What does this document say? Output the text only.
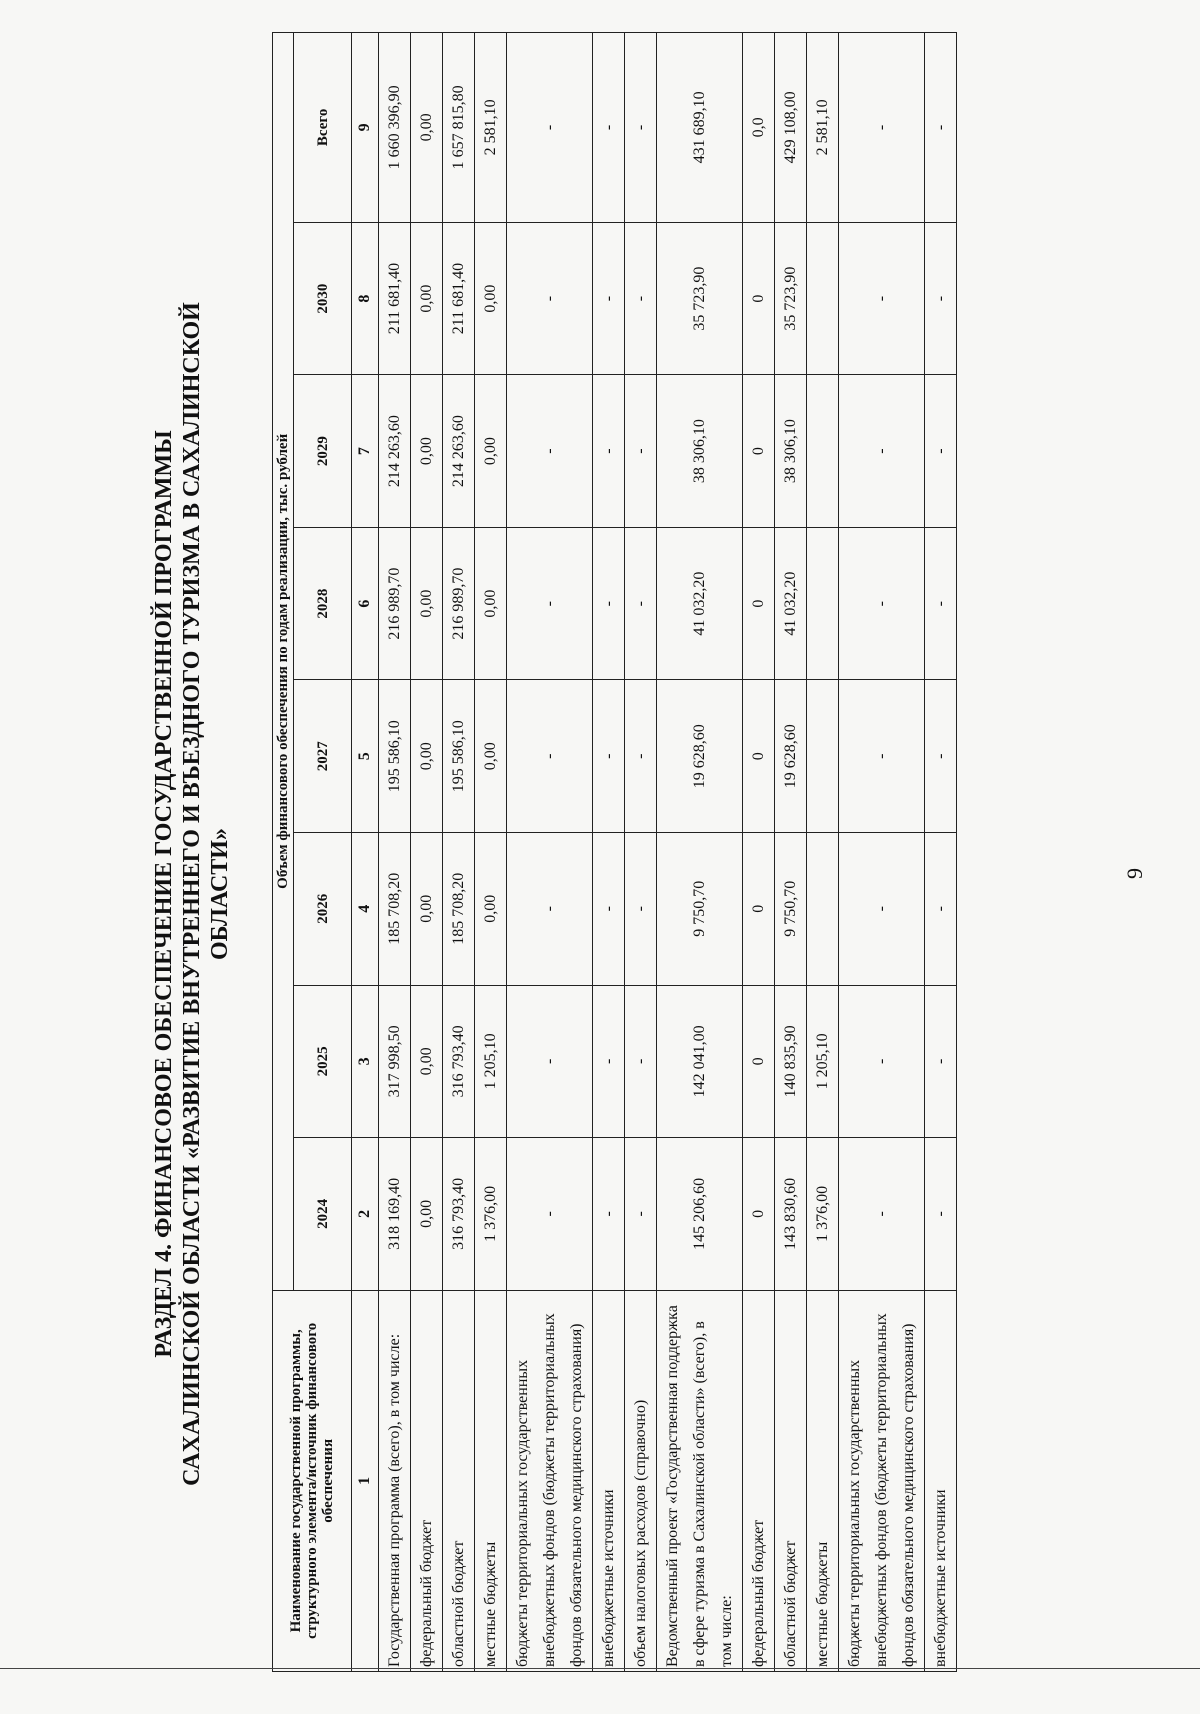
9
РАЗДЕЛ 4. ФИНАНСОВОЕ ОБЕСПЕЧЕНИЕ ГОСУДАРСТВЕННОЙ ПРОГРАММЫ САХАЛИНСКОЙ ОБЛАСТИ «РАЗВИТИЕ ВНУТРЕННЕГО И ВЪЕЗДНОГО ТУРИЗМА В САХАЛИНСКОЙ ОБЛАСТИ»
Наименование государственной программы, структурного элемента/источник финансового обеспечения	Объем финансового обеспечения по годам реализации, тыс. рублей							
	2024	2025	2026	2027	2028	2029	2030	Всего
1	2	3	4	5	6	7	8	9
Государственная программа (всего), в том числе:	318 169,40	317 998,50	185 708,20	195 586,10	216 989,70	214 263,60	211 681,40	1 660 396,90
федеральный бюджет	0,00	0,00	0,00	0,00	0,00	0,00	0,00	0,00
областной бюджет	316 793,40	316 793,40	185 708,20	195 586,10	216 989,70	214 263,60	211 681,40	1 657 815,80
местные бюджеты	1 376,00	1 205,10	0,00	0,00	0,00	0,00	0,00	2 581,10
бюджеты территориальных государственных внебюджетных фондов (бюджеты территориальных фондов обязательного медицинского страхования)	-	-	-	-	-	-	-	-
внебюджетные источники	-	-	-	-	-	-	-	-
объем налоговых расходов (справочно)	-	-	-	-	-	-	-	-
Ведомственный проект «Государственная поддержка в сфере туризма в Сахалинской области» (всего), в том числе:	145 206,60	142 041,00	9 750,70	19 628,60	41 032,20	38 306,10	35 723,90	431 689,10
федеральный бюджет	0	0	0	0	0	0	0	0,0
областной бюджет	143 830,60	140 835,90	9 750,70	19 628,60	41 032,20	38 306,10	35 723,90	429 108,00
местные бюджеты	1 376,00	1 205,10						2 581,10
бюджеты территориальных государственных внебюджетных фондов (бюджеты территориальных фондов обязательного медицинского страхования)	-	-	-	-	-	-	-	-
внебюджетные источники	-	-	-	-	-	-	-	-
